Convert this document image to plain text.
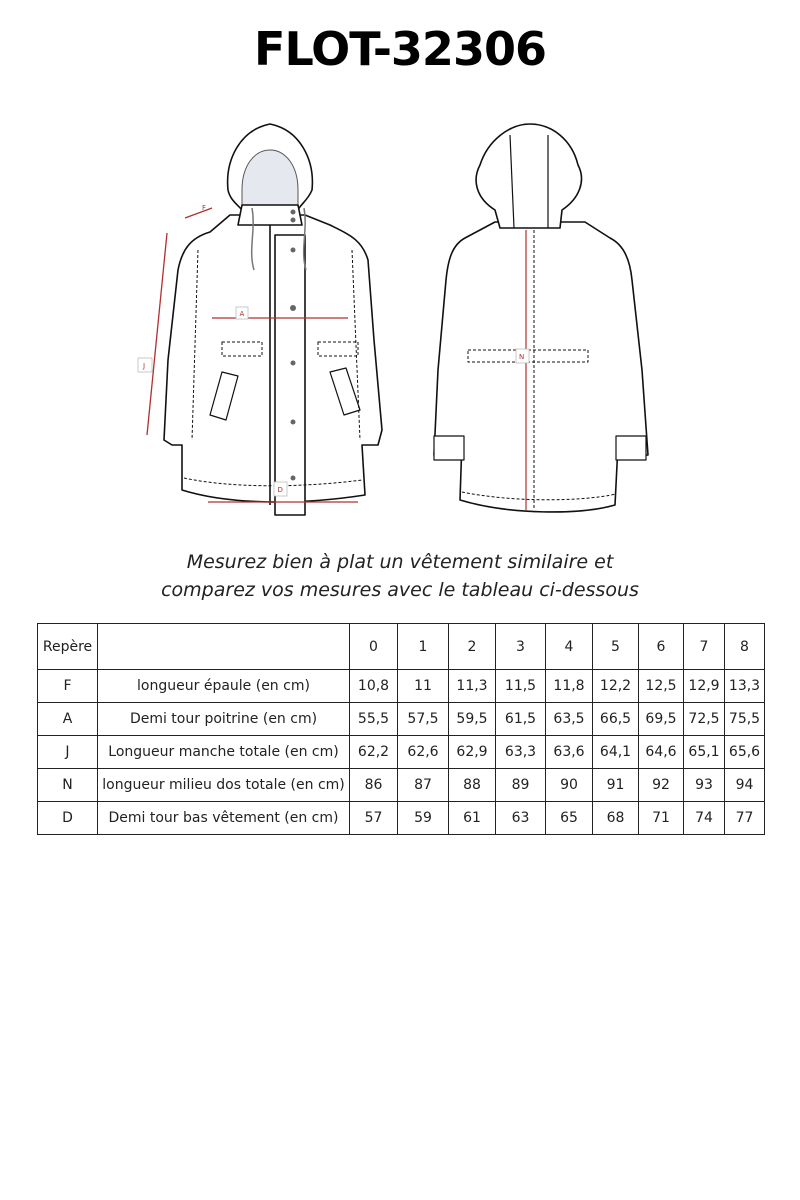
FLOT-32306
A
J
F
D
N
Mesurez bien à plat un vêtement similaire et
comparez vos mesures avec le tableau ci-dessous
Repère		0	1	2	3	4	5	6	7	8
F	longueur épaule (en cm)	10,8	11	11,3	11,5	11,8	12,2	12,5	12,9	13,3
A	Demi tour poitrine (en cm)	55,5	57,5	59,5	61,5	63,5	66,5	69,5	72,5	75,5
J	Longueur manche totale (en cm)	62,2	62,6	62,9	63,3	63,6	64,1	64,6	65,1	65,6
N	longueur milieu dos totale (en cm)	86	87	88	89	90	91	92	93	94
D	Demi tour bas vêtement (en cm)	57	59	61	63	65	68	71	74	77
